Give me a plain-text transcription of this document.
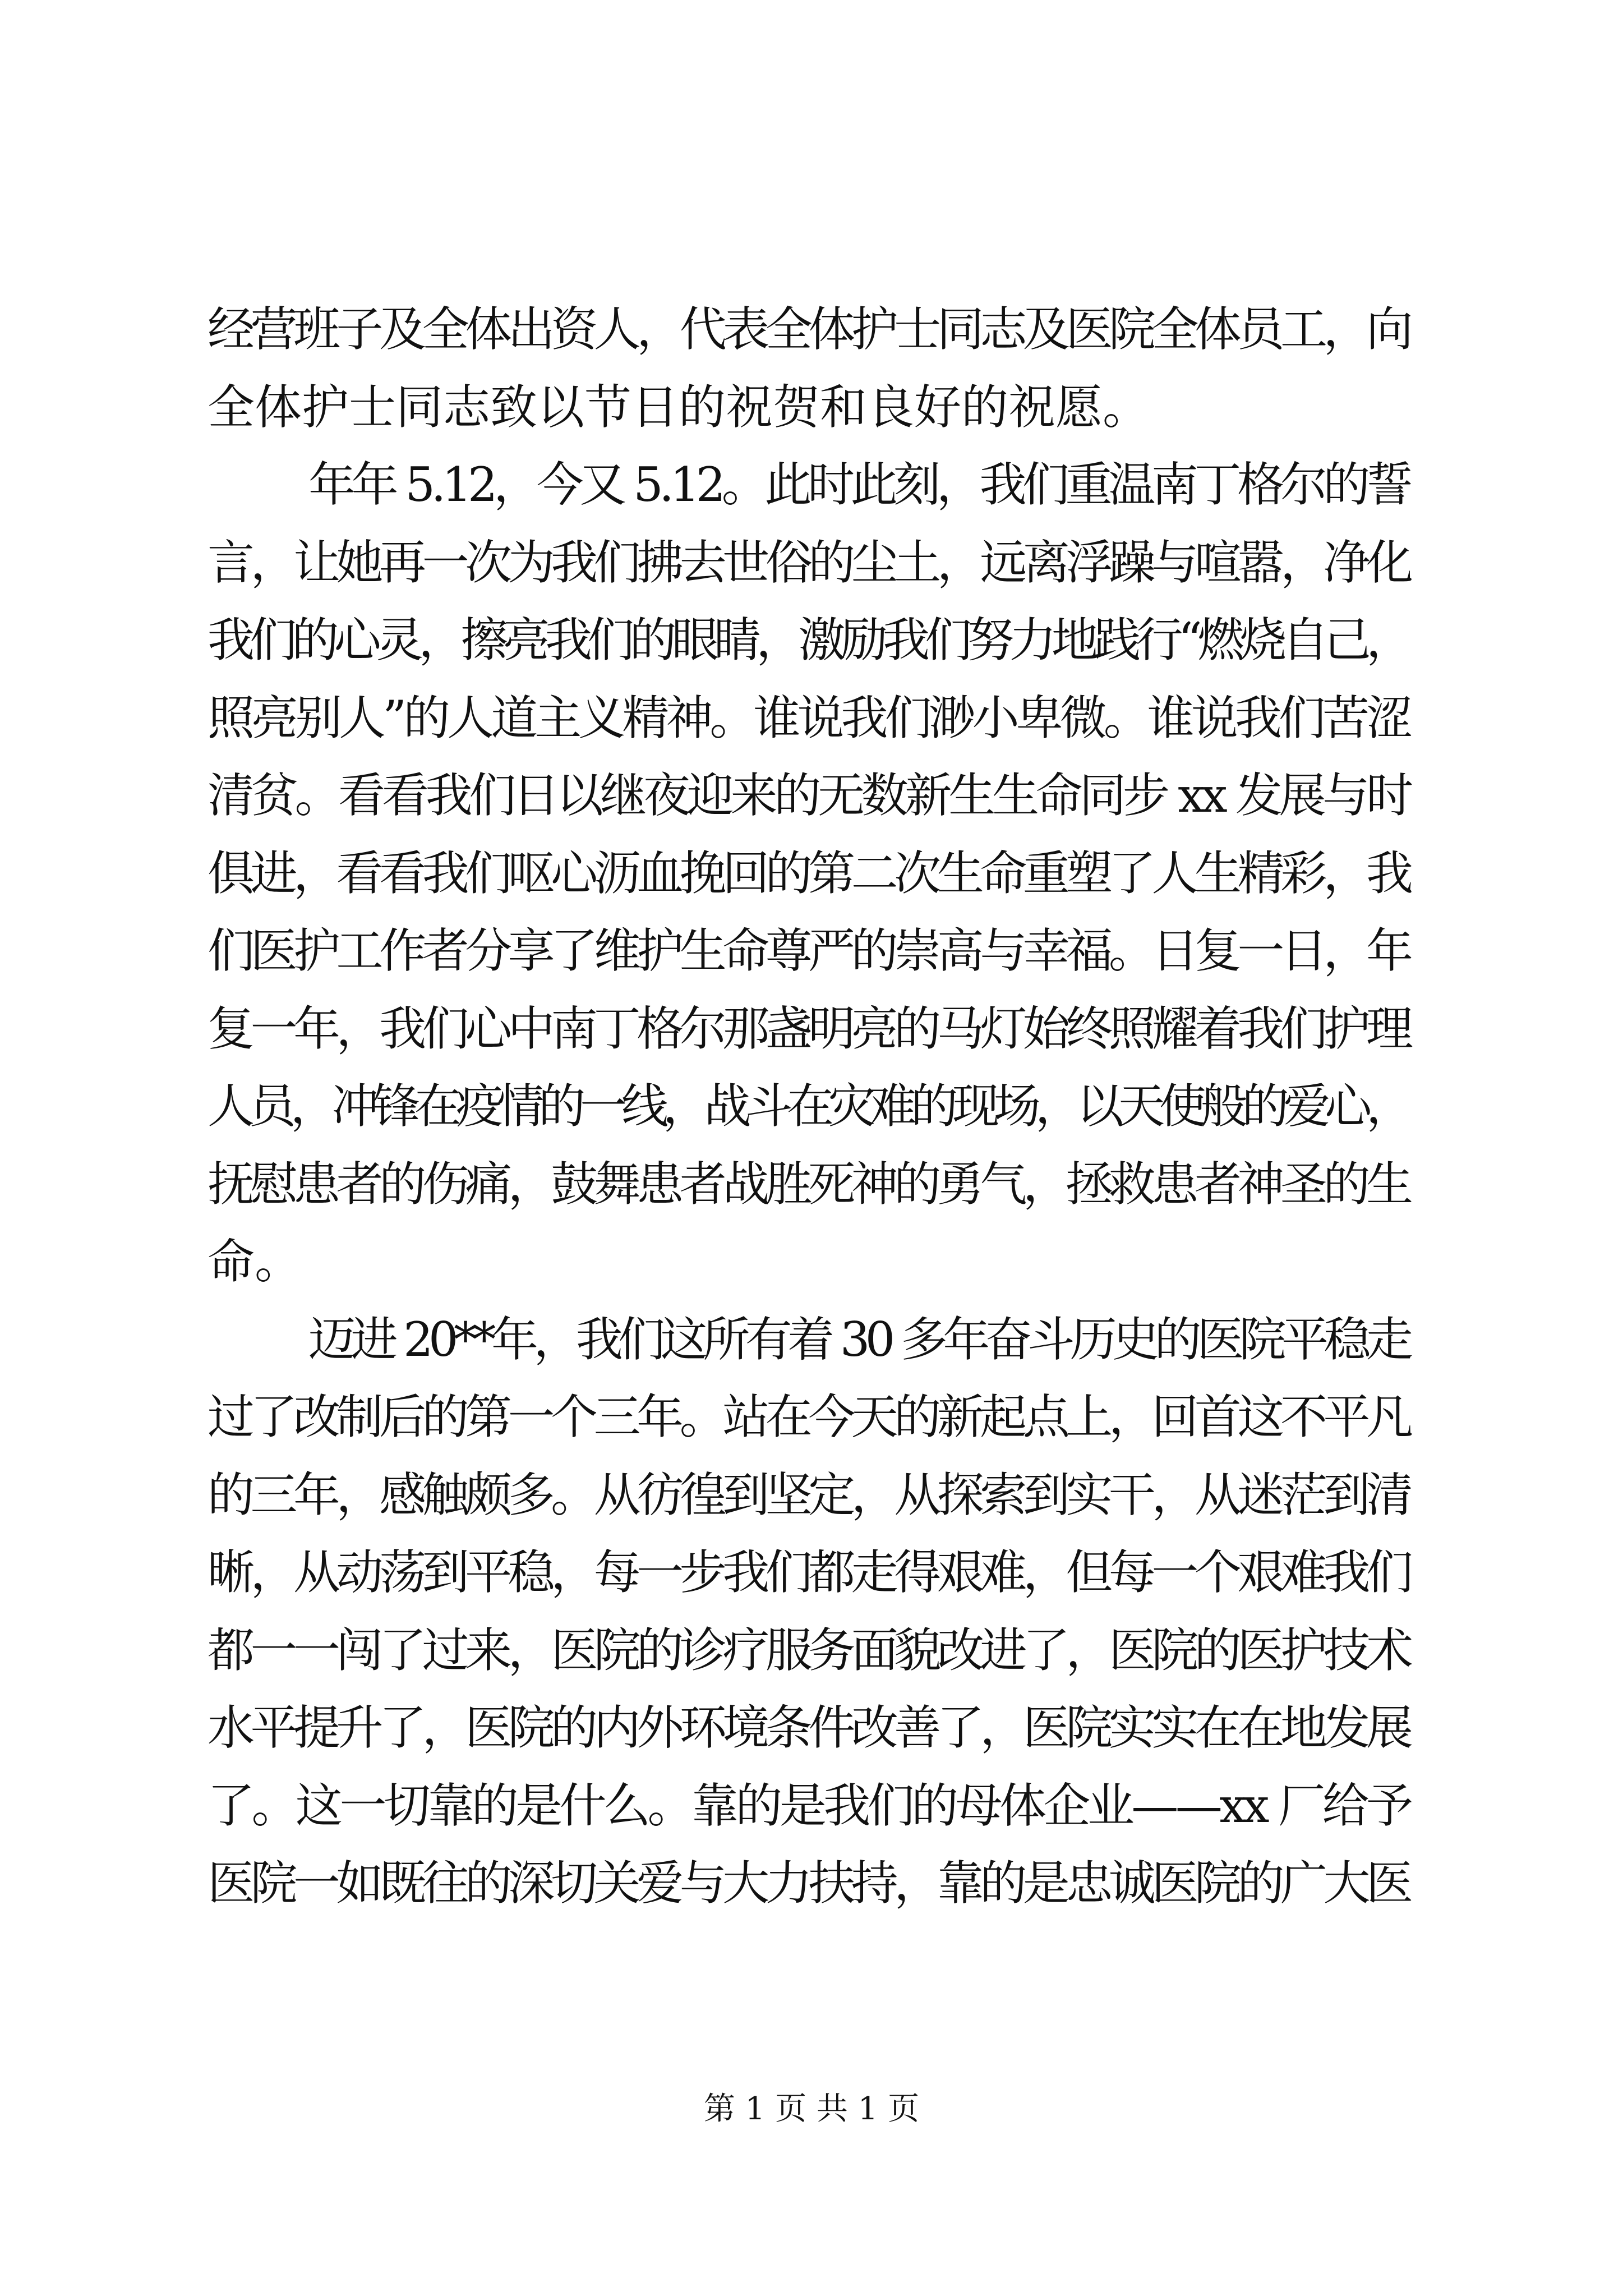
经营班子及全体出资人，代表全体护士同志及医院全体员工，向
全体护士同志致以节日的祝贺和良好的祝愿。
年年 5.12，今又 5.12。此时此刻，我们重温南丁格尔的誓
言，让她再一次为我们拂去世俗的尘土，远离浮躁与喧嚣，净化
我们的心灵，擦亮我们的眼睛，激励我们努力地践行“燃烧自己，
照亮别人”的人道主义精神。谁说我们渺小卑微。谁说我们苦涩
清贫。看看我们日以继夜迎来的无数新生生命同步 xx 发展与时
俱进，看看我们呕心沥血挽回的第二次生命重塑了人生精彩，我
们医护工作者分享了维护生命尊严的崇高与幸福。日复一日，年
复一年，我们心中南丁格尔那盏明亮的马灯始终照耀着我们护理
人员，冲锋在疫情的一线，战斗在灾难的现场，以天使般的爱心，
抚慰患者的伤痛，鼓舞患者战胜死神的勇气，拯救患者神圣的生
命。
迈进 20**年，我们这所有着 30 多年奋斗历史的医院平稳走
过了改制后的第一个三年。站在今天的新起点上，回首这不平凡
的三年，感触颇多。从彷徨到坚定，从探索到实干，从迷茫到清
晰，从动荡到平稳，每一步我们都走得艰难，但每一个艰难我们
都一一闯了过来，医院的诊疗服务面貌改进了，医院的医护技术
水平提升了，医院的内外环境条件改善了，医院实实在在地发展
了。这一切靠的是什么。靠的是我们的母体企业——xx 厂给予
医院一如既往的深切关爱与大力扶持，靠的是忠诚医院的广大医
第 1 页 共 1 页
